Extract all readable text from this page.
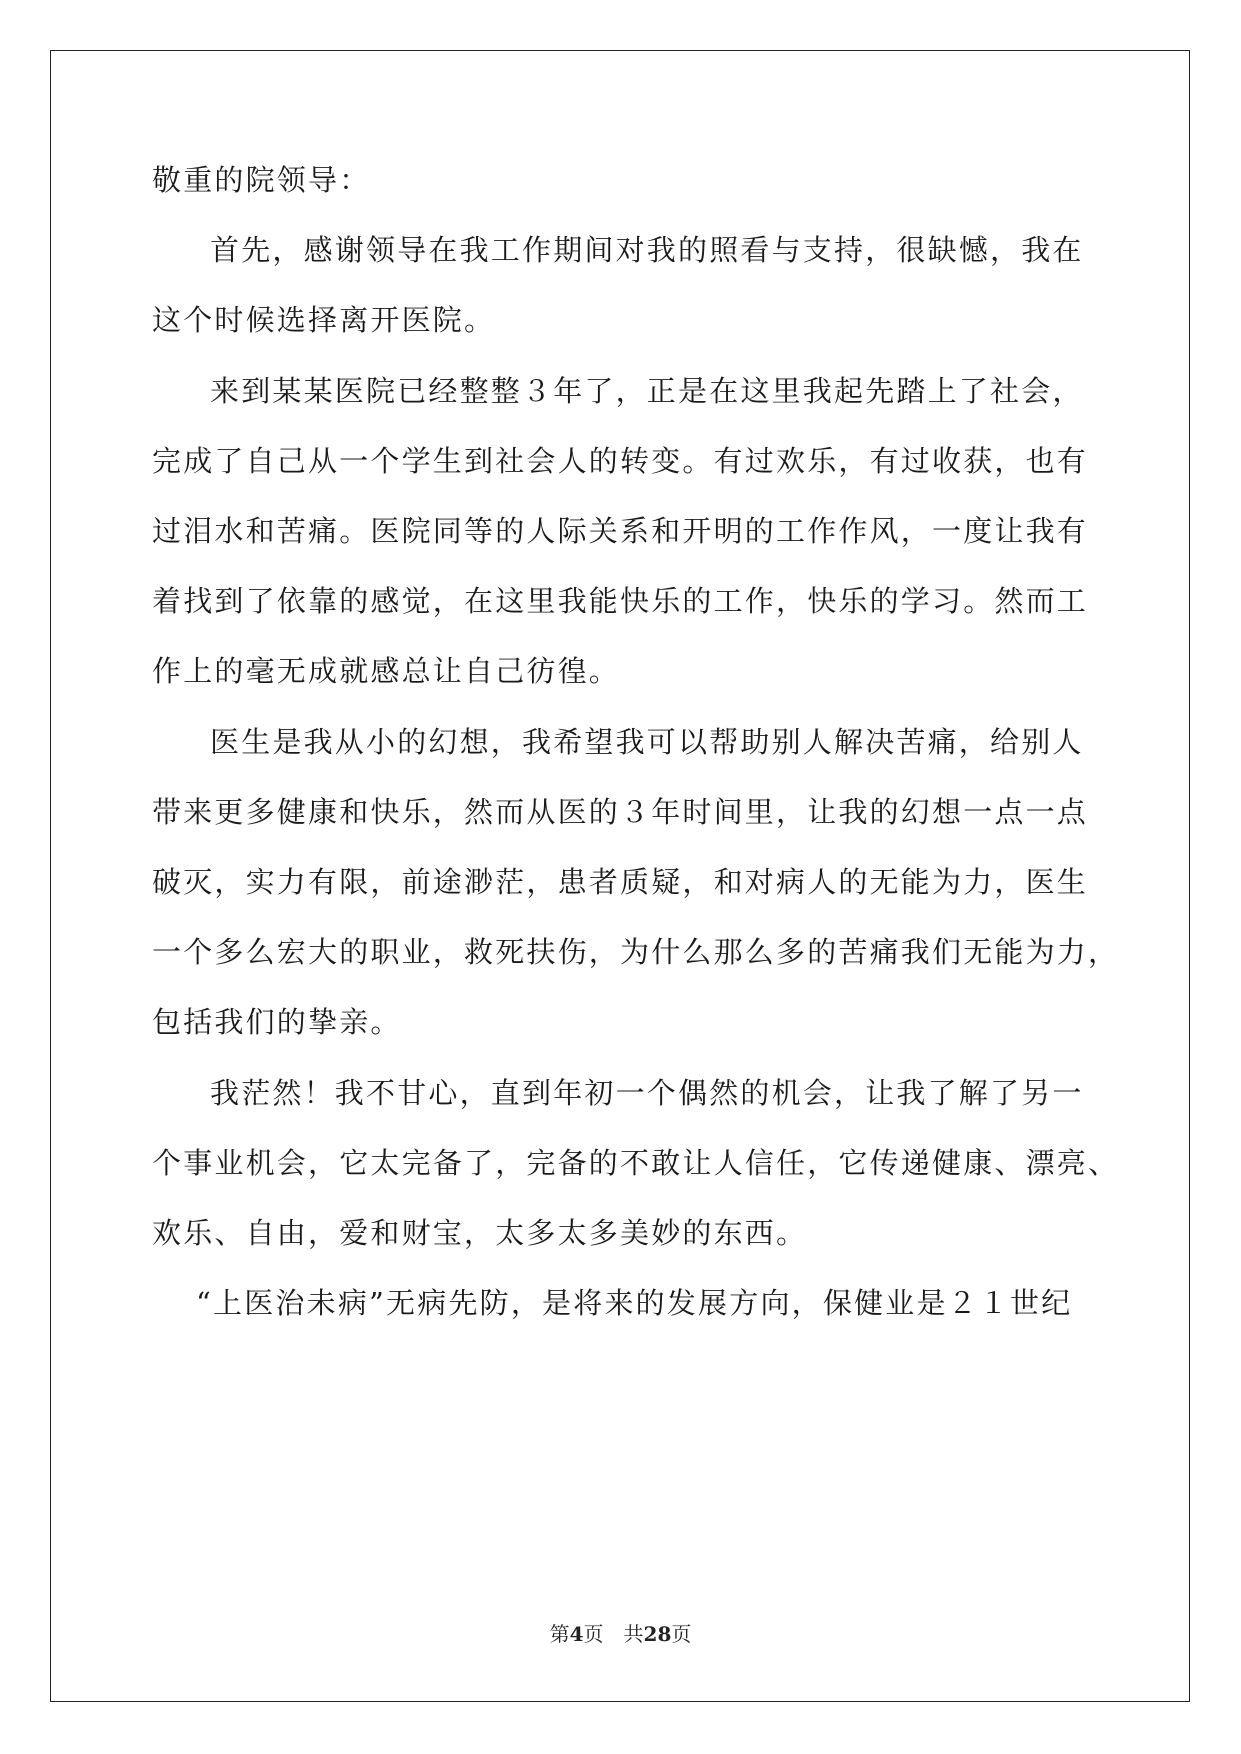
敬重的院领导：
首先，感谢领导在我工作期间对我的照看与支持，很缺憾，我在
这个时候选择离开医院。
来到某某医院已经整整３年了，正是在这里我起先踏上了社会，
完成了自己从一个学生到社会人的转变。有过欢乐，有过收获，也有
过泪水和苦痛。医院同等的人际关系和开明的工作作风，一度让我有
着找到了依靠的感觉，在这里我能快乐的工作，快乐的学习。然而工
作上的毫无成就感总让自己彷徨。
医生是我从小的幻想，我希望我可以帮助别人解决苦痛，给别人
带来更多健康和快乐，然而从医的３年时间里，让我的幻想一点一点
破灭，实力有限，前途渺茫，患者质疑，和对病人的无能为力，医生
一个多么宏大的职业，救死扶伤，为什么那么多的苦痛我们无能为力，
包括我们的挚亲。
我茫然！我不甘心，直到年初一个偶然的机会，让我了解了另一
个事业机会，它太完备了，完备的不敢让人信任，它传递健康、漂亮、
欢乐、自由，爱和财宝，太多太多美妙的东西。
“上医治未病”无病先防，是将来的发展方向，保健业是２１世纪
第4页 共28页
